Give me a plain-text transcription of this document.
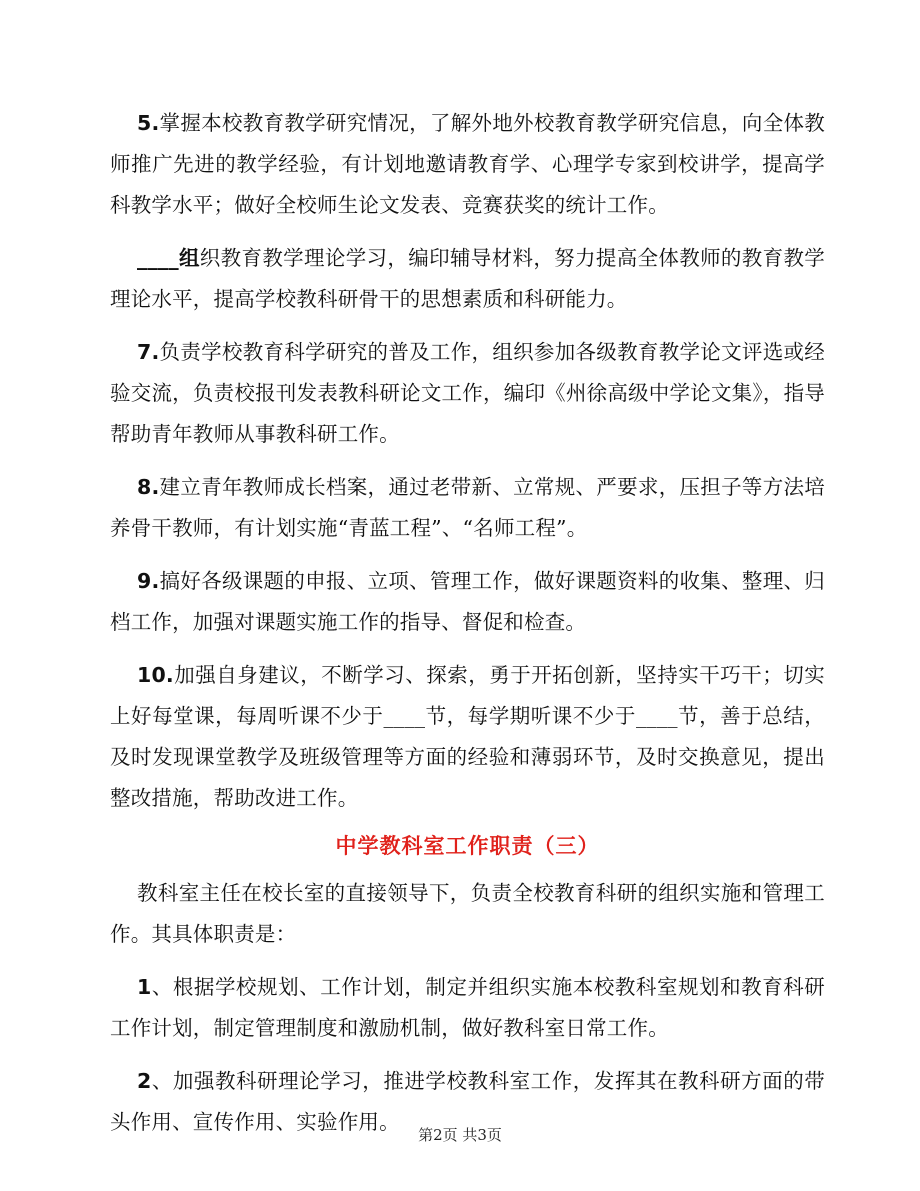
5.掌握本校教育教学研究情况，了解外地外校教育教学研究信息，向全体教师推广先进的教学经验，有计划地邀请教育学、心理学专家到校讲学，提高学科教学水平；做好全校师生论文发表、竞赛获奖的统计工作。

____组织教育教学理论学习，编印辅导材料，努力提高全体教师的教育教学理论水平，提高学校教科研骨干的思想素质和科研能力。

7.负责学校教育科学研究的普及工作，组织参加各级教育教学论文评选或经验交流，负责校报刊发表教科研论文工作，编印《州徐高级中学论文集》，指导帮助青年教师从事教科研工作。

8.建立青年教师成长档案，通过老带新、立常规、严要求，压担子等方法培养骨干教师，有计划实施“青蓝工程”、“名师工程”。

9.搞好各级课题的申报、立项、管理工作，做好课题资料的收集、整理、归档工作，加强对课题实施工作的指导、督促和检查。

10.加强自身建议，不断学习、探索，勇于开拓创新，坚持实干巧干；切实上好每堂课，每周听课不少于____节，每学期听课不少于____节，善于总结，及时发现课堂教学及班级管理等方面的经验和薄弱环节，及时交换意见，提出整改措施，帮助改进工作。

中学教科室工作职责（三）

教科室主任在校长室的直接领导下，负责全校教育科研的组织实施和管理工作。其具体职责是：

1、根据学校规划、工作计划，制定并组织实施本校教科室规划和教育科研工作计划，制定管理制度和激励机制，做好教科室日常工作。

2、加强教科研理论学习，推进学校教科室工作，发挥其在教科研方面的带头作用、宣传作用、实验作用。

第2页 共3页
